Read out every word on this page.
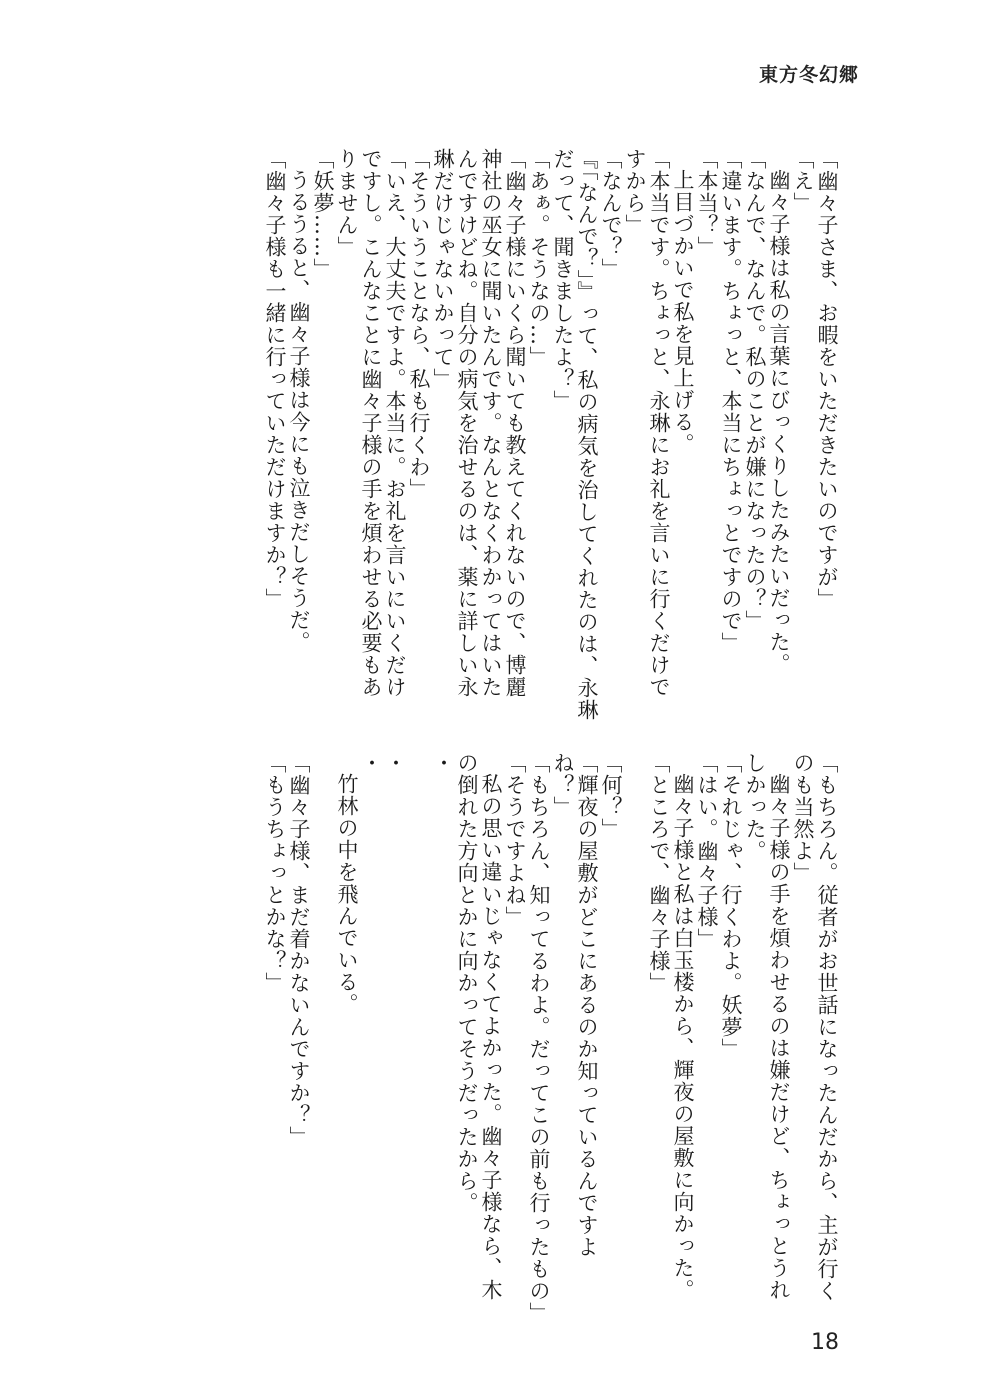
東方冬幻郷
「幽々子さま、お暇をいただきたいのですが」
「え」
幽々子様は私の言葉にびっくりしたみたいだった。
「なんで、なんで。私のことが嫌になったの？」
「違います。ちょっと、本当にちょっとですので」
「本当？」
上目づかいで私を見上げる。
「本当です。ちょっと、永琳にお礼を言いに行くだけで
すから」
「なんで？」
『「なんで？」』って、私の病気を治してくれたのは、永琳
だって、聞きましたよ？」
「あぁ。そうなの…」
「幽々子様にいくら聞いても教えてくれないので、博麗
神社の巫女に聞いたんです。なんとなくわかってはいた
んですけどね。自分の病気を治せるのは、薬に詳しい永
琳だけじゃないかって」
「そういうことなら、私も行くわ」
「いえ、大丈夫ですよ。本当に。お礼を言いにいくだけ
ですし。こんなことに幽々子様の手を煩わせる必要もあ
りません」
「妖夢……」
うるうると、幽々子様は今にも泣きだしそうだ。
「幽々子様も一緒に行っていただけますか？」
「もちろん。従者がお世話になったんだから、主が行く
のも当然よ」
幽々子様の手を煩わせるのは嫌だけど、ちょっとうれ
しかった。
「それじゃ、行くわよ。妖夢」
「はい。幽々子様」
幽々子様と私は白玉楼から、輝夜の屋敷に向かった。
「ところで、幽々子様」
「何？」
「輝夜の屋敷がどこにあるのか知っているんですよ
ね？」
「もちろん、知ってるわよ。だってこの前も行ったもの」
「そうですよね」
私の思い違いじゃなくてよかった。幽々子様なら、木
の倒れた方向とかに向かってそうだったから。
・
・
・
竹林の中を飛んでいる。
「幽々子様、まだ着かないんですか？」
「もうちょっとかな？」
18
